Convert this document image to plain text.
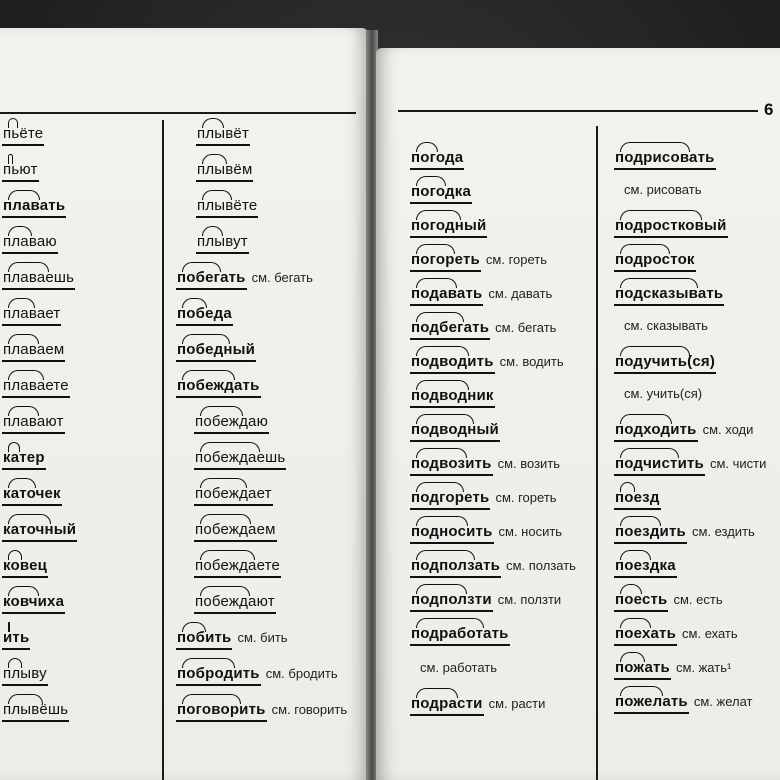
пьёте
пьют
плавать
плаваю
плаваешь
плавает
плаваем
плаваете
плавают
катер
каточек
каточный
ковец
ковчиха
ить
плыву
плывёшь
плывёт
плывём
плывёте
плывут
побегать см. бегать
победа
победный
побеждать
побеждаю
побеждаешь
побеждает
побеждаем
побеждаете
побеждают
побить см. бить
побродить см. бродить
поговорить см. говорить
6
погода
погодка
погодный
погореть см. гореть
подавать см. давать
подбегать см. бегать
подводить см. водить
подводник
подводный
подвозить см. возить
подгореть см. гореть
подносить см. носить
подползать см. ползать
подползти см. ползти
подработать
см. работать
подрасти см. расти
подрисовать
см. рисовать
подростковый
подросток
подсказывать
см. сказывать
подучить(ся)
см. учить(ся)
подходить см. ходи
подчистить см. чисти
поезд
поездить см. ездить
поездка
поесть см. есть
поехать см. ехать
пожать см. жать¹
пожелать см. желат
